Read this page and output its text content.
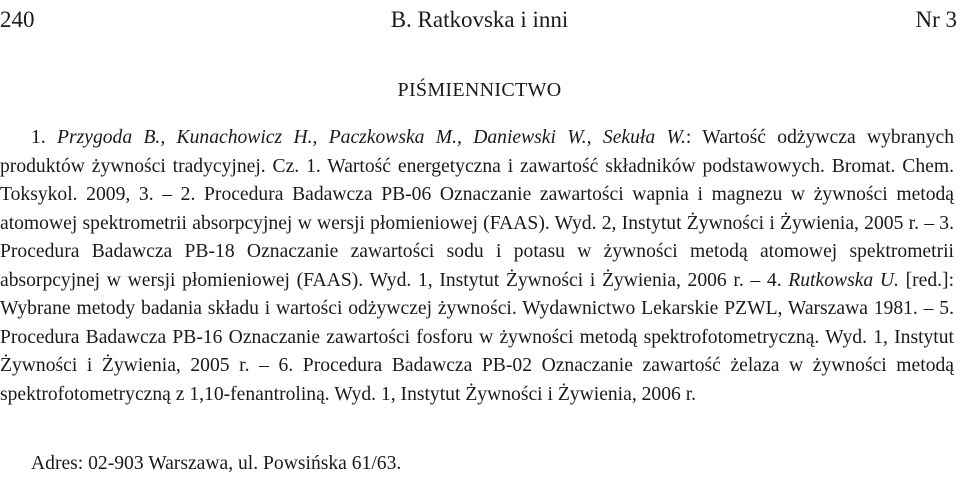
240	B. Ratkovska i inni	Nr 3
PIŚMIENNICTWO
1. Przygoda B., Kunachowicz H., Paczkowska M., Daniewski W., Sekuła W.: Wartość odżywcza wybranych produktów żywności tradycyjnej. Cz. 1. Wartość energetyczna i zawartość składników podstawowych. Bromat. Chem. Toksykol. 2009, 3. – 2. Procedura Badawcza PB-06 Oznaczanie zawartości wapnia i magnezu w żywności metodą atomowej spektrometrii absorpcyjnej w wersji płomieniowej (FAAS). Wyd. 2, Instytut Żywności i Żywienia, 2005 r. – 3. Procedura Badawcza PB-18 Oznaczanie zawartości sodu i potasu w żywności metodą atomowej spektrometrii absorpcyjnej w wersji płomieniowej (FAAS). Wyd. 1, Instytut Żywności i Żywienia, 2006 r. – 4. Rutkowska U. [red.]: Wybrane metody badania składu i wartości odżywczej żywności. Wydawnictwo Lekarskie PZWL, Warszawa 1981. – 5. Procedura Badawcza PB-16 Oznaczanie zawartości fosforu w żywności metodą spektrofotometryczną. Wyd. 1, Instytut Żywności i Żywienia, 2005 r. – 6. Procedura Badawcza PB-02 Oznaczanie zawartość żelaza w żywności metodą spektrofotometryczną z 1,10-fenantroliną. Wyd. 1, Instytut Żywności i Żywienia, 2006 r.
Adres: 02-903 Warszawa, ul. Powsińska 61/63.
